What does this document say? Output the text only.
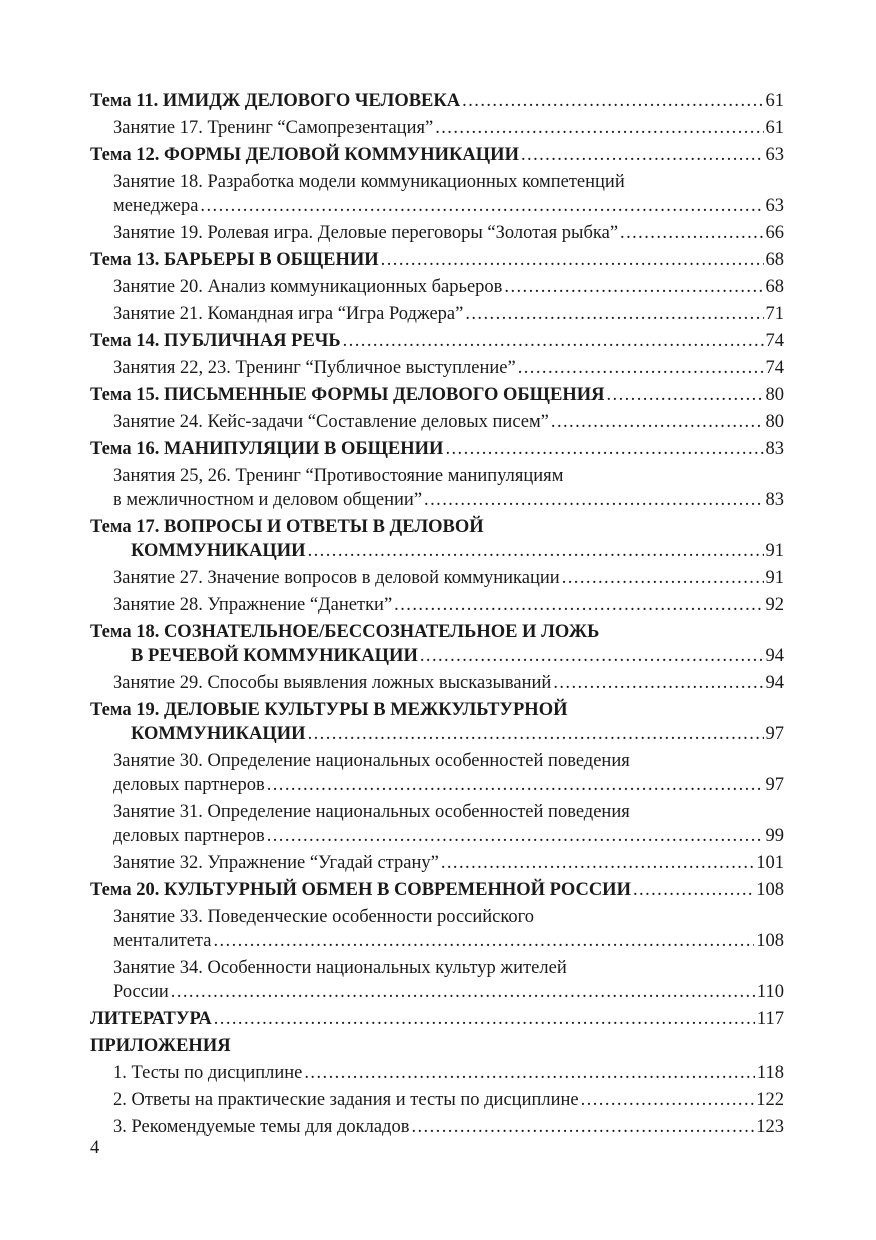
Тема 11. ИМИДЖ ДЕЛОВОГО ЧЕЛОВЕКА . . .	61
Занятие 17. Тренинг “Самопрезентация” . . .	61
Тема 12. ФОРМЫ ДЕЛОВОЙ КОММУНИКАЦИИ . . .	63
Занятие 18. Разработка модели коммуникационных компетенций
менеджера . . .	63
Занятие 19. Ролевая игра. Деловые переговоры “Золотая рыбка” . . .	66
Тема 13. БАРЬЕРЫ В ОБЩЕНИИ . . .	68
Занятие 20. Анализ коммуникационных барьеров . . .	68
Занятие 21. Командная игра “Игра Роджера” . . .	71
Тема 14. ПУБЛИЧНАЯ РЕЧЬ . . .	74
Занятия 22, 23. Тренинг “Публичное выступление” . . .	74
Тема 15. ПИСЬМЕННЫЕ ФОРМЫ ДЕЛОВОГО ОБЩЕНИЯ . . .	80
Занятие 24. Кейс-задачи “Составление деловых писем” . . .	80
Тема 16. МАНИПУЛЯЦИИ В ОБЩЕНИИ . . .	83
Занятия 25, 26. Тренинг “Противостояние манипуляциям
в межличностном и деловом общении” . . .	83
Тема 17. ВОПРОСЫ И ОТВЕТЫ В ДЕЛОВОЙ
КОММУНИКАЦИИ . . .	91
Занятие 27. Значение вопросов в деловой коммуникации . . .	91
Занятие 28. Упражнение “Данетки” . . .	92
Тема 18. СОЗНАТЕЛЬНОЕ/БЕССОЗНАТЕЛЬНОЕ И ЛОЖЬ
В РЕЧЕВОЙ КОММУНИКАЦИИ . . .	94
Занятие 29. Способы выявления ложных высказываний . . .	94
Тема 19. ДЕЛОВЫЕ КУЛЬТУРЫ В МЕЖКУЛЬТУРНОЙ
КОММУНИКАЦИИ . . .	97
Занятие 30. Определение национальных особенностей поведения
деловых партнеров . . .	97
Занятие 31. Определение национальных особенностей поведения
деловых партнеров . . .	99
Занятие 32. Упражнение “Угадай страну” . . .	101
Тема 20. КУЛЬТУРНЫЙ ОБМЕН В СОВРЕМЕННОЙ РОССИИ . . .	108
Занятие 33. Поведенческие особенности российского
менталитета . . .	108
Занятие 34. Особенности национальных культур жителей
России . . .	110
ЛИТЕРАТУРА . . .	117
ПРИЛОЖЕНИЯ
1. Тесты по дисциплине . . .	118
2. Ответы на практические задания и тесты по дисциплине . . .	122
3. Рекомендуемые темы для докладов . . .	123
4
